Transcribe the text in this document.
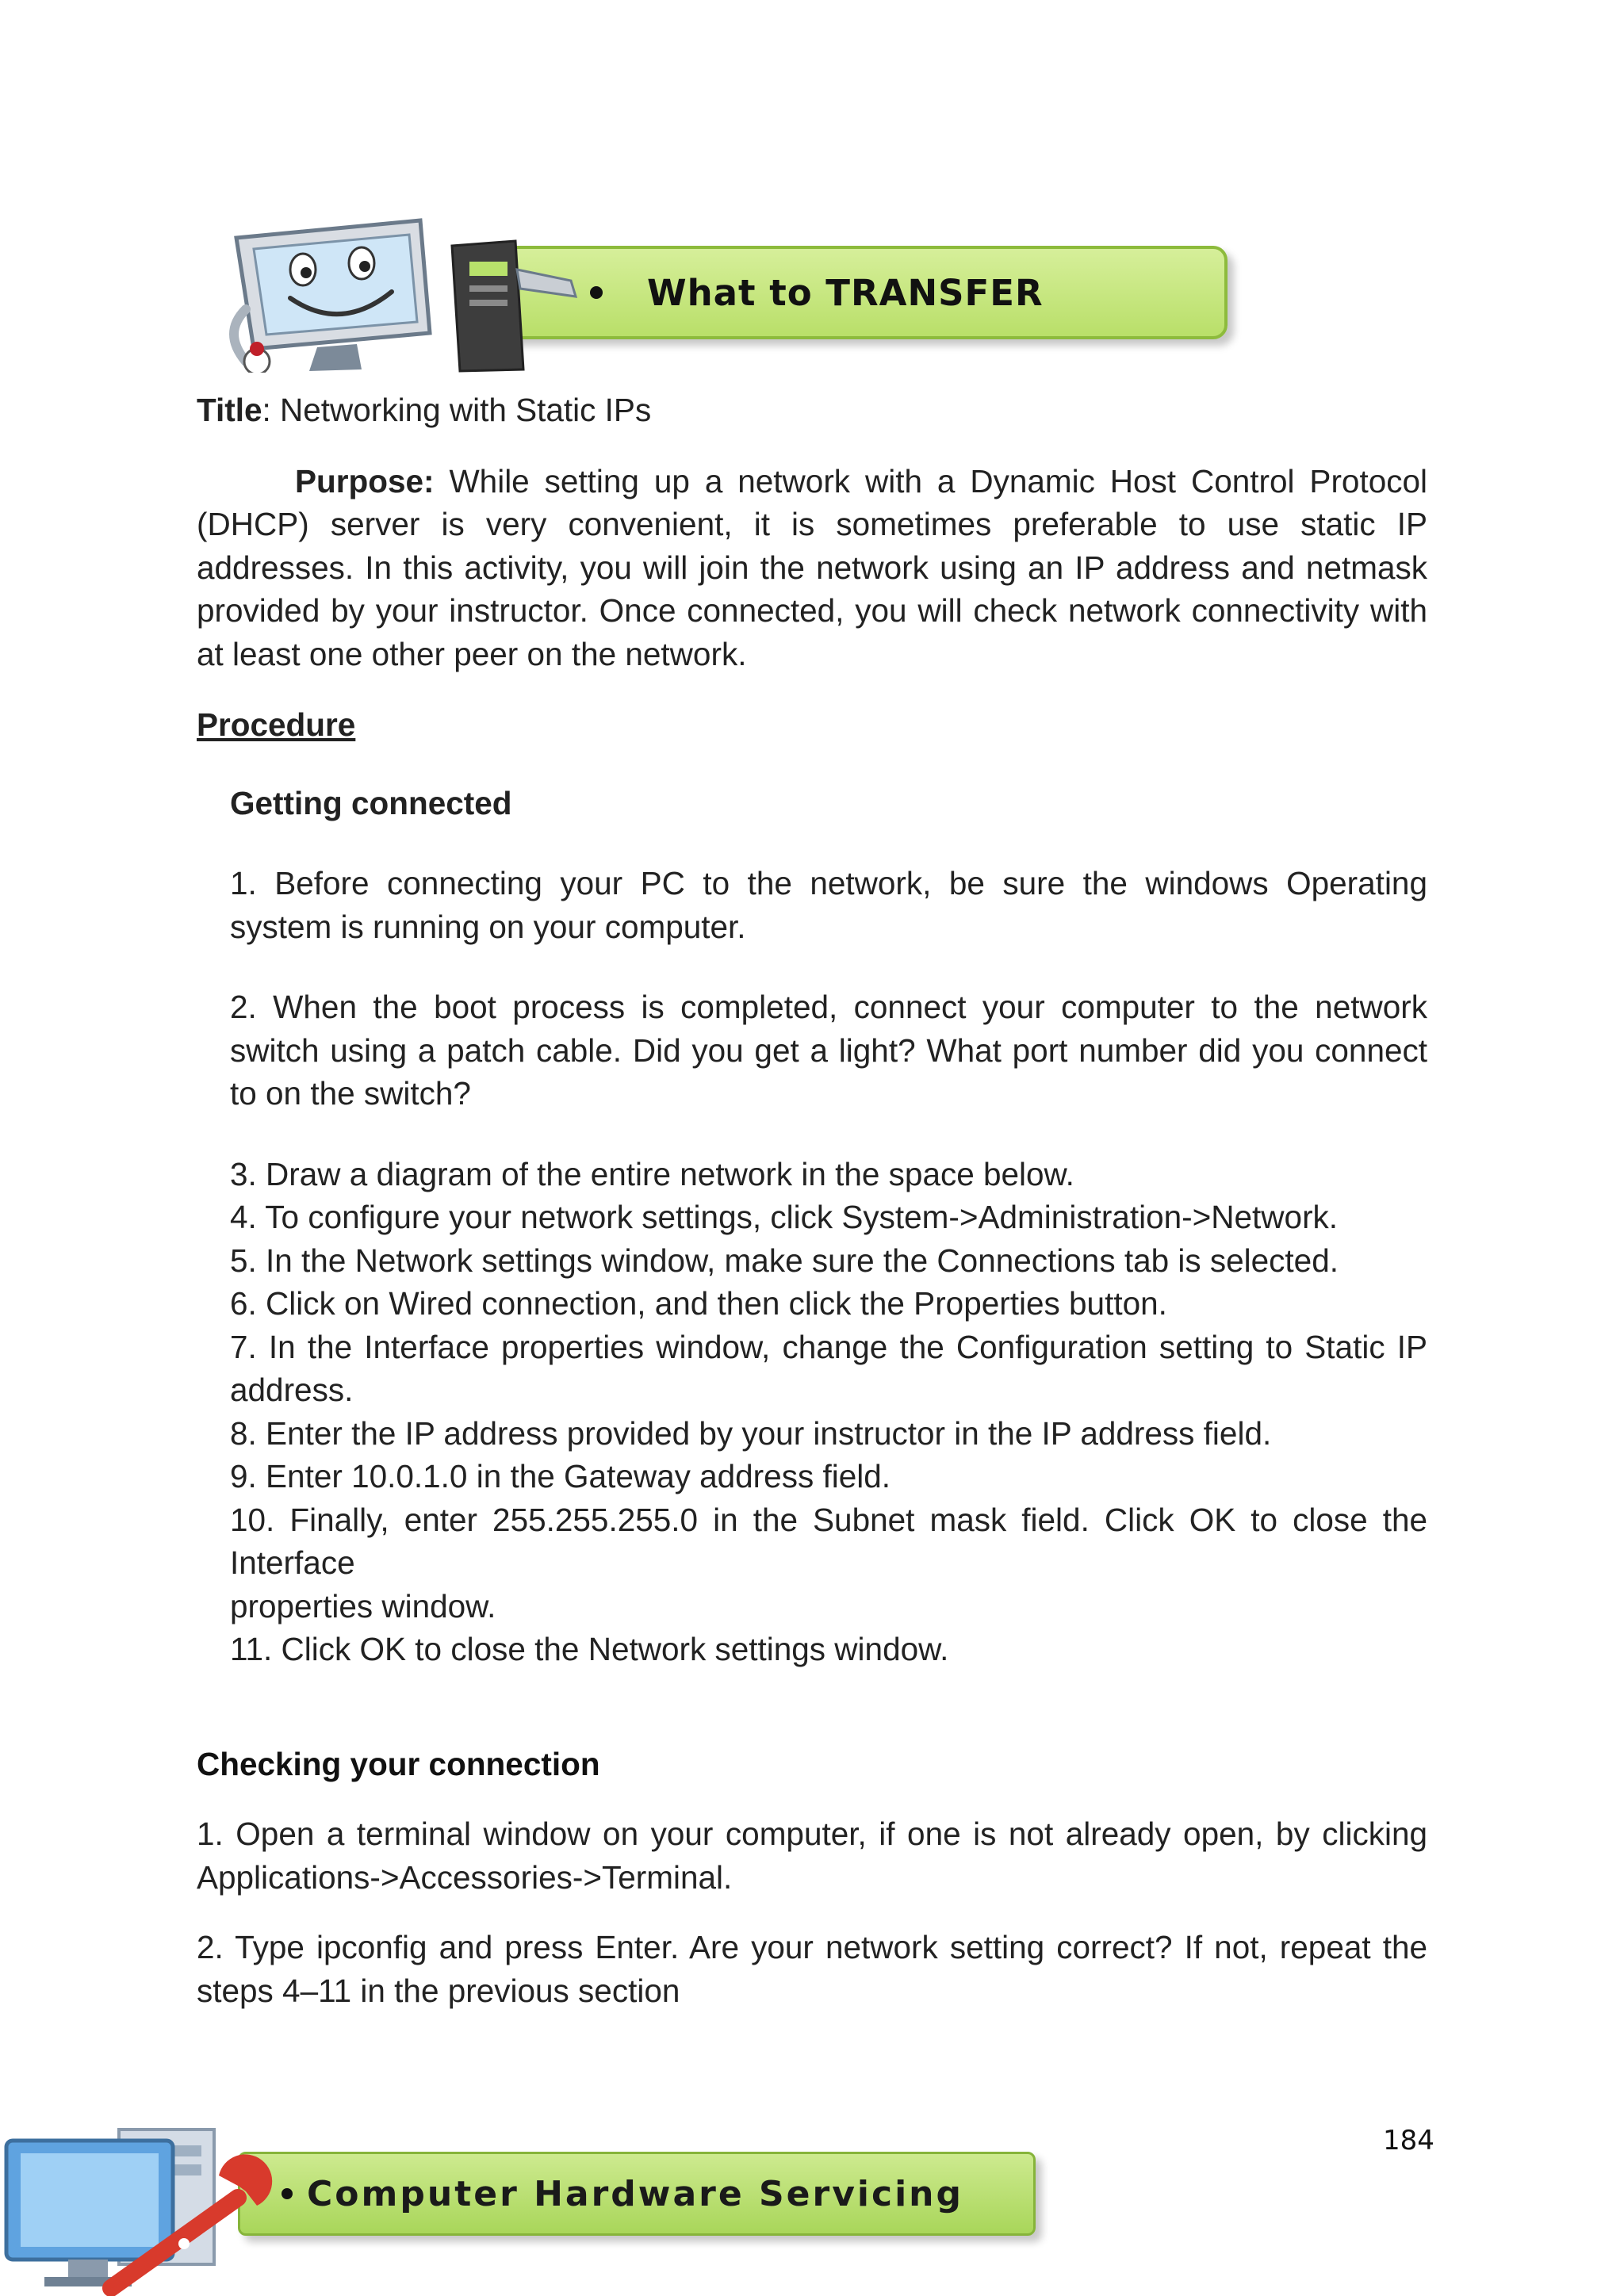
What to TRANSFER

Title: Networking with Static IPs

Purpose: While setting up a network with a Dynamic Host Control Protocol (DHCP) server is very convenient, it is sometimes preferable to use static IP addresses. In this activity, you will join the network using an IP address and netmask provided by your instructor. Once connected, you will check network connectivity with at least one other peer on the network.

Procedure

Getting connected

1. Before connecting your PC to the network, be sure the windows Operating system is running on your computer.

2. When the boot process is completed, connect your computer to the network switch using a patch cable. Did you get a light? What port number did you connect to on the switch?

3. Draw a diagram of the entire network in the space below.

4. To configure your network settings, click System->Administration->Network.

5. In the Network settings window, make sure the Connections tab is selected.

6. Click on Wired connection, and then click the Properties button.

7. In the Interface properties window, change the Configuration setting to Static IP address.

8. Enter the IP address provided by your instructor in the IP address field.

9. Enter 10.0.1.0 in the Gateway address field.

10. Finally, enter 255.255.255.0 in the Subnet mask field. Click OK to close the Interface

properties window.

11. Click OK to close the Network settings window.

Checking your connection

1. Open a terminal window on your computer, if one is not already open, by clicking Applications->Accessories->Terminal.

2. Type ipconfig and press Enter. Are your network setting correct? If not, repeat the steps 4–11 in the previous section

184
Computer Hardware Servicing
